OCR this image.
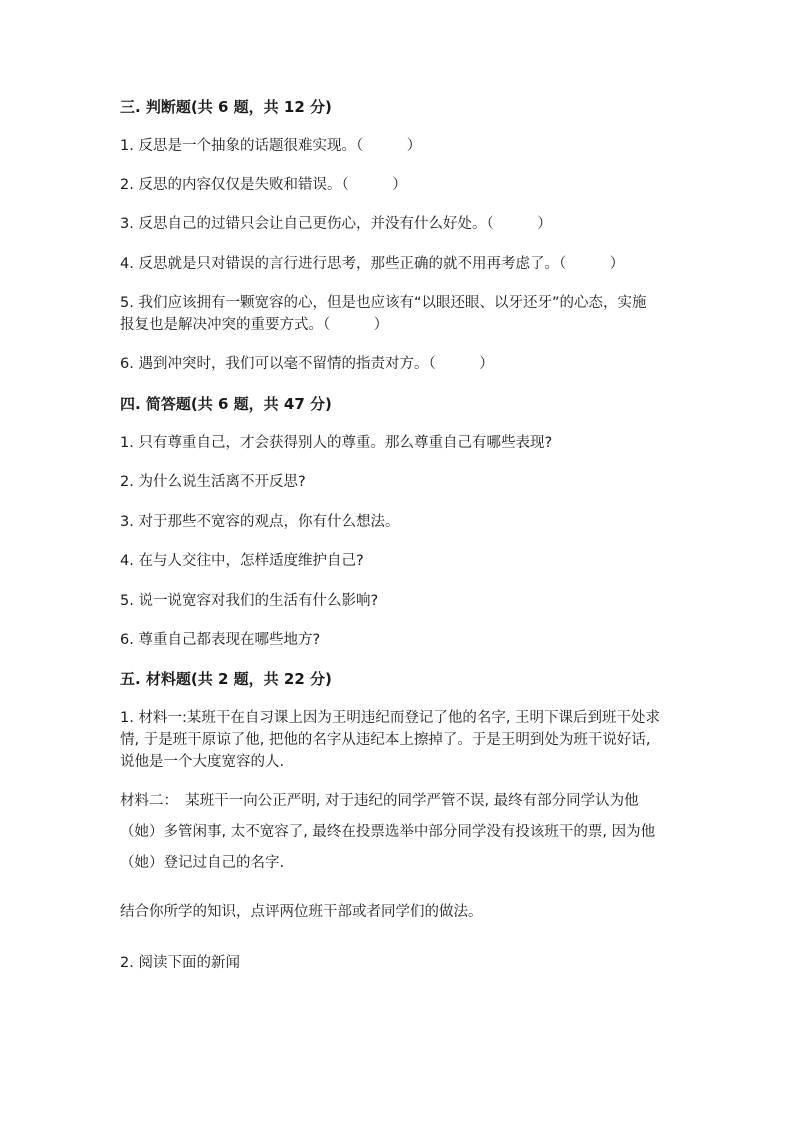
三. 判断题(共 6 题，共 12 分)
1. 反思是一个抽象的话题很难实现。（　　　）
2. 反思的内容仅仅是失败和错误。（　　　）
3. 反思自己的过错只会让自己更伤心，并没有什么好处。（　　　）
4. 反思就是只对错误的言行进行思考，那些正确的就不用再考虑了。（　　　）
5. 我们应该拥有一颗宽容的心，但是也应该有“以眼还眼、以牙还牙”的心态，实施报复也是解决冲突的重要方式。（　　　）
6. 遇到冲突时，我们可以毫不留情的指责对方。（　　　）
四. 简答题(共 6 题，共 47 分)
1. 只有尊重自己，才会获得别人的尊重。那么尊重自己有哪些表现?
2. 为什么说生活离不开反思?
3. 对于那些不宽容的观点，你有什么想法。
4. 在与人交往中，怎样适度维护自己?
5. 说一说宽容对我们的生活有什么影响?
6. 尊重自己都表现在哪些地方?
五. 材料题(共 2 题，共 22 分)
1. 材料一:某班干在自习课上因为王明违纪而登记了他的名字, 王明下课后到班干处求情, 于是班干原谅了他, 把他的名字从违纪本上擦掉了。于是王明到处为班干说好话, 说他是一个大度宽容的人.
材料二：　某班干一向公正严明, 对于违纪的同学严管不误, 最终有部分同学认为他（她）多管闲事, 太不宽容了, 最终在投票选举中部分同学没有投该班干的票, 因为他（她）登记过自己的名字.
结合你所学的知识，点评两位班干部或者同学们的做法。
2. 阅读下面的新闻
